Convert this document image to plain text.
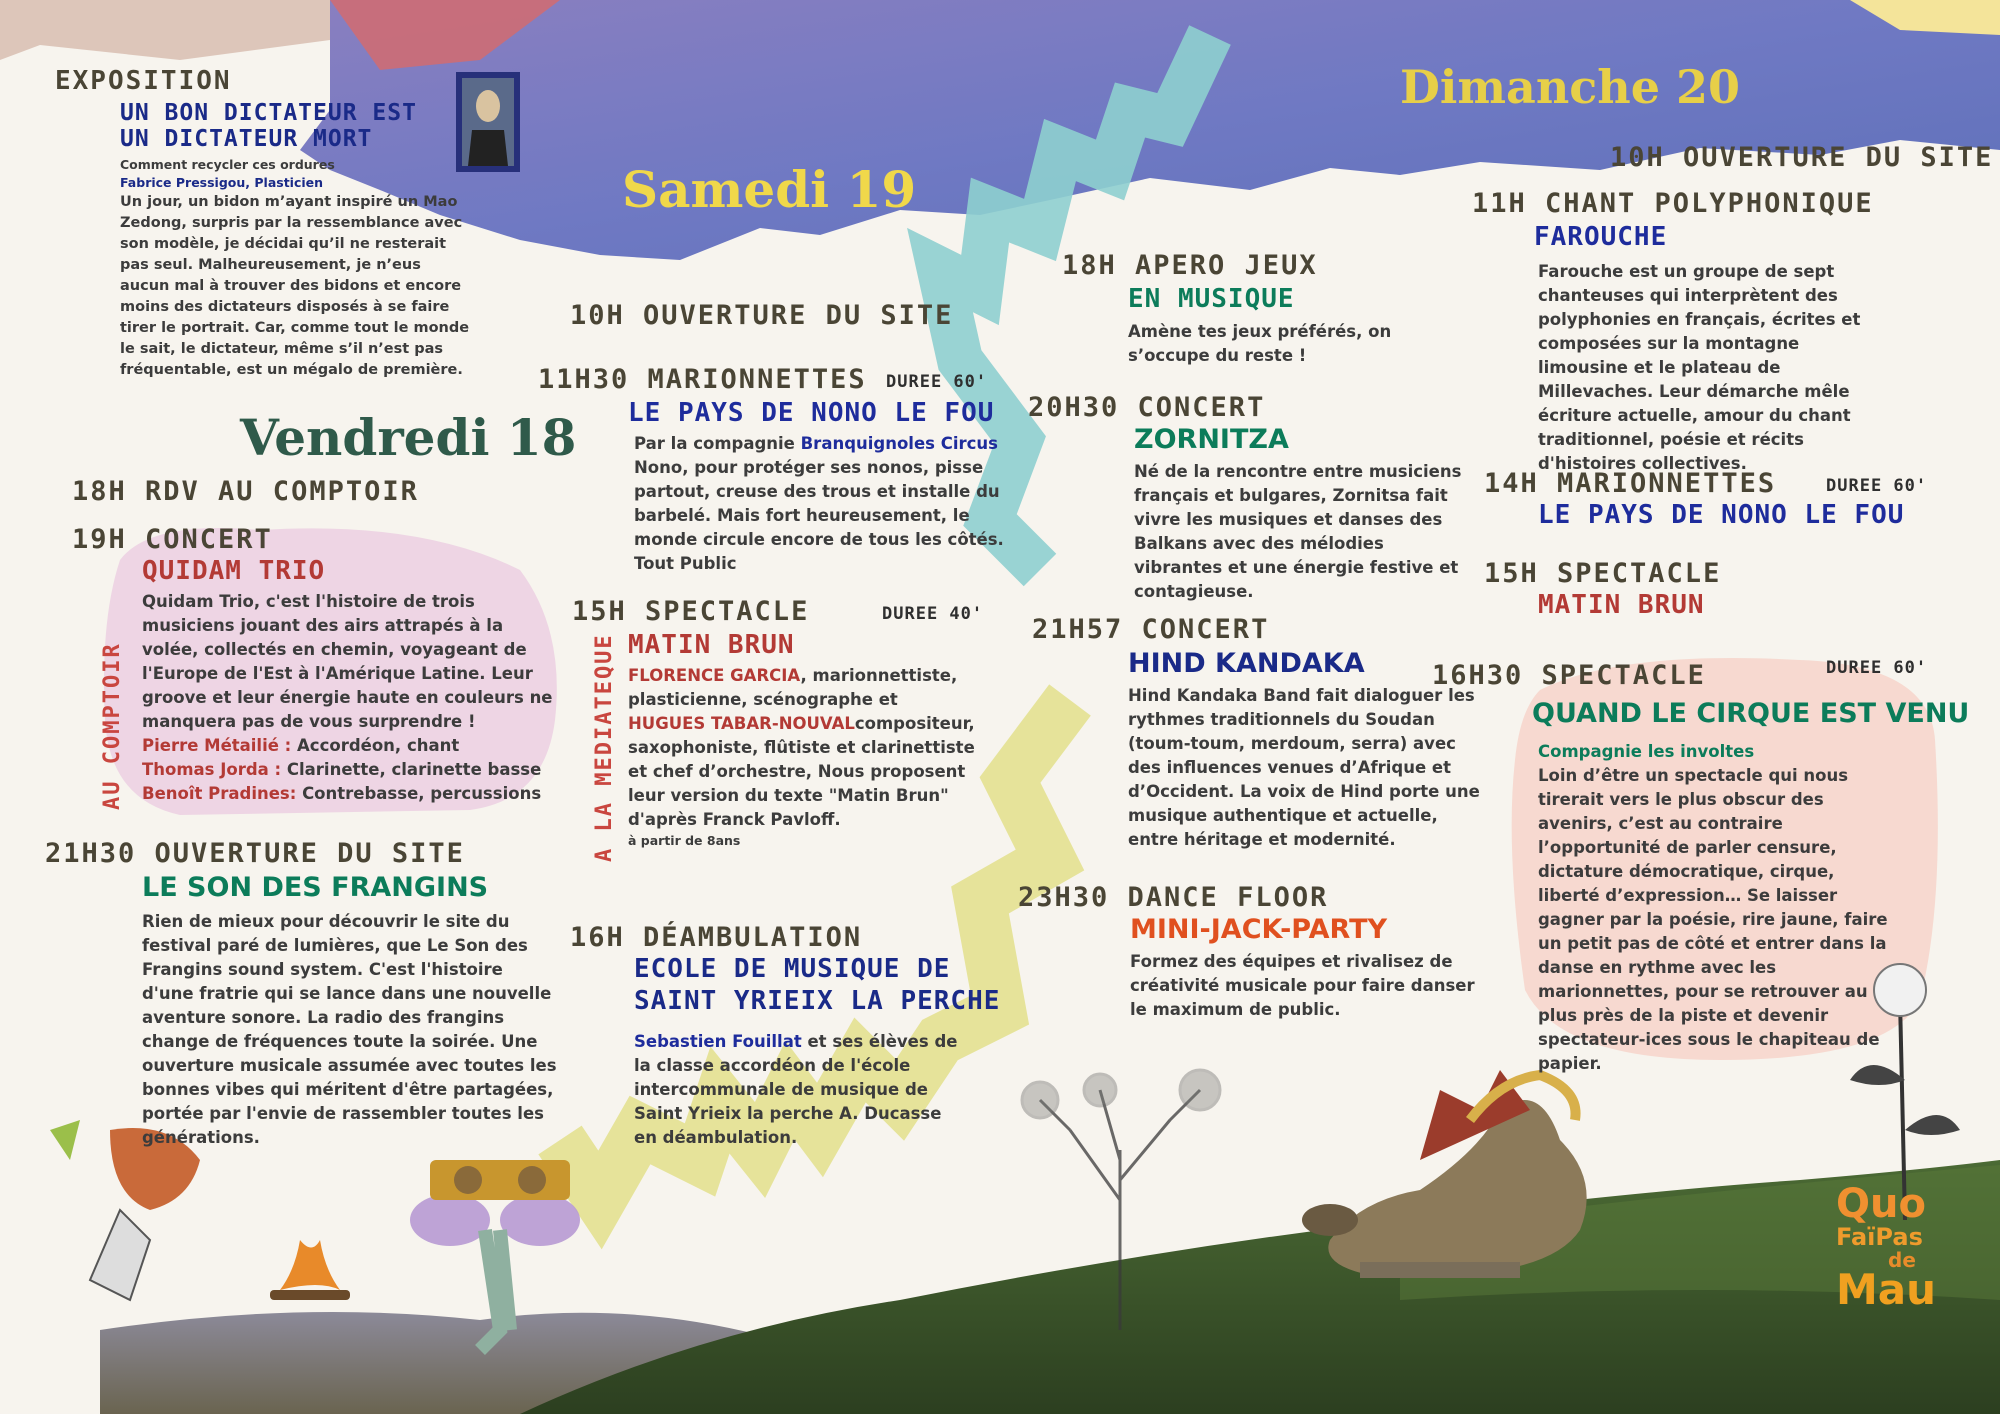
Samedi 19
Dimanche 20
Vendredi 18
EXPOSITION
UN BON DICTATEUR EST
UN DICTATEUR MORT
Comment recycler ces ordures
Fabrice Pressigou, Plasticien
Un jour, un bidon m’ayant inspiré un Mao Zedong, surpris par la ressemblance avec son modèle, je décidai qu’il ne resterait pas seul. Malheureusement, je n’eus aucun mal à trouver des bidons et encore moins des dictateurs disposés à se faire tirer le portrait. Car, comme tout le monde le sait, le dictateur, même s’il n’est pas fréquentable, est un mégalo de première.
18H RDV AU COMPTOIR
19H CONCERT
QUIDAM TRIO
AU COMPTOIR

Quidam Trio, c'est l'histoire de trois musiciens jouant des airs attrapés à la volée, collectés en chemin, voyageant de l'Europe de l'Est à l'Amérique Latine. Leur groove et leur énergie haute en couleurs ne manquera pas de vous surprendre !

Pierre Métailié : Accordéon, chant

Thomas Jorda : Clarinette, clarinette basse

Benoît Pradines: Contrebasse, percussions

21H30 OUVERTURE DU SITE
LE SON DES FRANGINS
Rien de mieux pour découvrir le site du festival paré de lumières, que Le Son des Frangins sound system. C'est l'histoire d'une fratrie qui se lance dans une nouvelle aventure sonore. La radio des frangins change de fréquences toute la soirée. Une ouverture musicale assumée avec toutes les bonnes vibes qui méritent d'être partagées, portée par l'envie de rassembler toutes les générations.
10H OUVERTURE DU SITE
11H30 MARIONNETTES DUREE 60'
LE PAYS DE NONO LE FOU

Par la compagnie Branquignoles Circus

Nono, pour protéger ses nonos, pisse partout, creuse des trous et installe du barbelé. Mais fort heureusement, le monde circule encore de tous les côtés.

Tout Public

A LA MEDIATEQUE
15H SPECTACLE	DUREE 40'
MATIN BRUN

FLORENCE GARCIA, marionnettiste, plasticienne, scénographe et HUGUES TABAR-NOUVALcompositeur, saxophoniste, flûtiste et clarinettiste et chef d’orchestre, Nous proposent leur version du texte "Matin Brun" d'après Franck Pavloff.

à partir de 8ans

16H DÉAMBULATION
ECOLE DE MUSIQUE DE
SAINT YRIEIX LA PERCHE
Sebastien Fouillat et ses élèves de la classe accordéon de l'école intercommunale de musique de Saint Yrieix la perche A. Ducasse en déambulation.
18H APERO JEUX
EN MUSIQUE
Amène tes jeux préférés, on s’occupe du reste !
20H30 CONCERT
ZORNITZA
Né de la rencontre entre musiciens français et bulgares, Zornitsa fait vivre les musiques et danses des Balkans avec des mélodies vibrantes et une énergie festive et contagieuse.
21H57 CONCERT
HIND KANDAKA
Hind Kandaka Band fait dialoguer les rythmes traditionnels du Soudan (toum-toum, merdoum, serra) avec des influences venues d’Afrique et d’Occident. La voix de Hind porte une musique authentique et actuelle, entre héritage et modernité.
23H30 DANCE FLOOR
MINI-JACK-PARTY
Formez des équipes et rivalisez de créativité musicale pour faire danser le maximum de public.
10H OUVERTURE DU SITE
11H CHANT POLYPHONIQUE
FAROUCHE
Farouche est un groupe de sept chanteuses qui interprètent des polyphonies en français, écrites et composées sur la montagne limousine et le plateau de Millevaches. Leur démarche mêle écriture actuelle, amour du chant traditionnel, poésie et récits d'histoires collectives.
14H MARIONNETTES	DUREE 60'
LE PAYS DE NONO LE FOU
15H SPECTACLE
MATIN BRUN
16H30 SPECTACLE	DUREE 60'
QUAND LE CIRQUE EST VENU

Compagnie les involtes

Loin d’être un spectacle qui nous tirerait vers le plus obscur des avenirs, c’est au contraire l’opportunité de parler censure, dictature démocratique, cirque, liberté d’expression… Se laisser gagner par la poésie, rire jaune, faire un petit pas de côté et entrer dans la danse en rythme avec les marionnettes, pour se retrouver au plus près de la piste et devenir spectateur-ices sous le chapiteau de papier.

Quo
FaïPas
de
Mau
